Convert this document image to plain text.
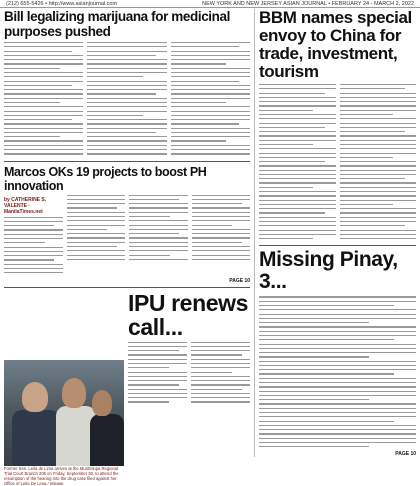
(212) 655-5426 • http://www.asianjournal.com	NEW YORK AND NEW JERSEY ASIAN JOURNAL • FEBRUARY 24 - MARCH 2, 2022
Bill legalizing marijuana for medicinal purposes pushed
Marcos OKs 19 projects to boost PH innovation
by CATHERINE S. VALENTE · ManilaTimes.net
PAGE 10
IPU renews call...
Former Sen. Leila de Lima arrives at the Muntinlupa Regional Trial Court Branch 206 on Friday, September 30, to attend the resumption of the hearing into the drug case filed against her. Office of Leila De Lima / release
BBM names special envoy to China for trade, investment, tourism
Missing Pinay, 3...
PAGE 10
